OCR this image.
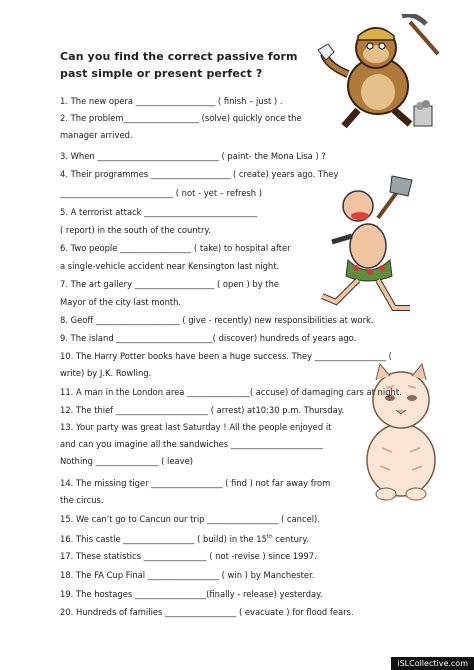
Can you find the correct passive form
past simple or present perfect ?
1. The new opera ___________________ ( finish – just ) .
2. The problem__________________ (solve) quickly once the
manager arrived.
3. When _____________________________ ( paint- the Mona Lisa ) ?
4. Their programmes ___________________ ( create) years ago. They
___________________________ ( not - yet – refresh )
5. A terrorist attack ___________________________
( report) in the south of the country.
6. Two people _________________ ( take) to hospital after
a single-vehicle accident near Kensington last night.
7. The art gallery ___________________ ( open ) by the
Mayor of the city last month.
8. Geoff ____________________ ( give - recently) new responsibilities at work.
9. The island _______________________( discover) hundreds of years ago.
10. The Harry Potter books have been a huge success. They _________________ (
write) by J.K. Rowling.
11. A man in the London area _______________( accuse) of damaging cars at night.
12. The thief ______________________ ( arrest) at10:30 p.m. Thursday.
13. Your party was great last Saturday ! All the people enjoyed it
and can you imagine all the sandwiches ______________________
Nothing _______________ ( leave)
14. The missing tiger _________________ ( find ) not far away from
the circus.
15. We can’t go to Cancun our trip _________________ ( cancel).
16. This castle _________________ ( build) in the 15th century.
17. These statistics _______________ ( not -revise ) since 1997.
18. The FA Cup Final _________________ ( win ) by Manchester.
19. The hostages _________________(finally - release) yesterday.
20. Hundreds of families _________________ ( evacuate ) for flood fears.
iSLCollective.com
